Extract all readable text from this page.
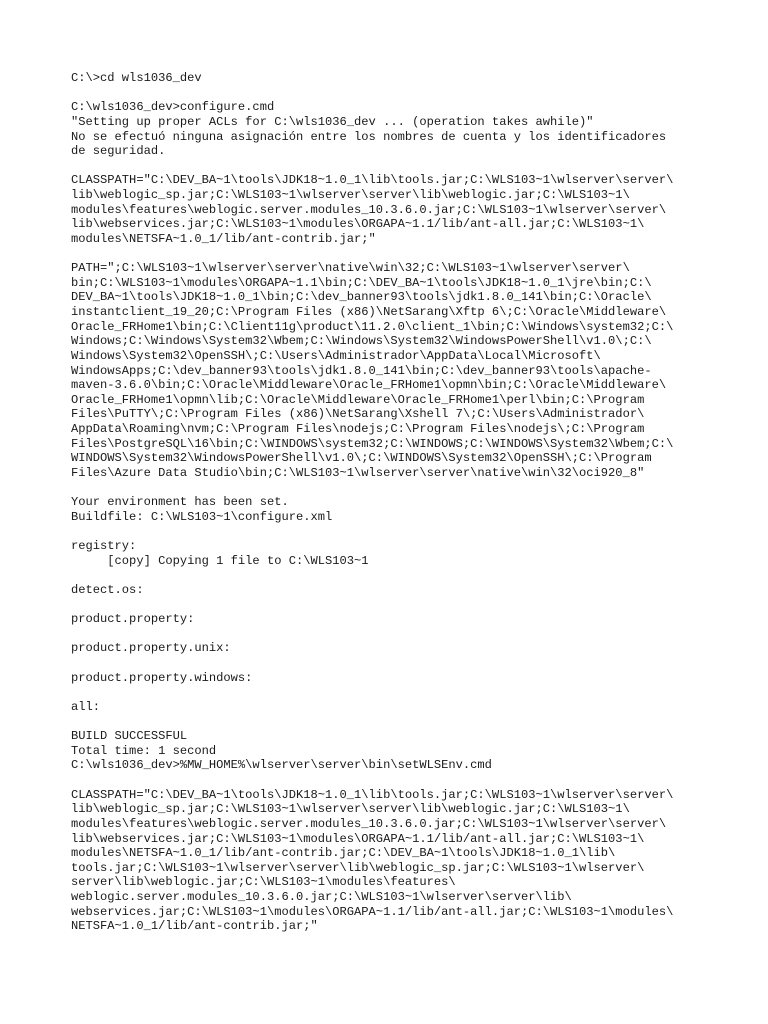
C:\>cd wls1036_dev
C:\wls1036_dev>configure.cmd
"Setting up proper ACLs for C:\wls1036_dev ... (operation takes awhile)"
No se efectuó ninguna asignación entre los nombres de cuenta y los identificadores
de seguridad.
CLASSPATH="C:\DEV_BA~1\tools\JDK18~1.0_1\lib\tools.jar;C:\WLS103~1\wlserver\server\
lib\weblogic_sp.jar;C:\WLS103~1\wlserver\server\lib\weblogic.jar;C:\WLS103~1\
modules\features\weblogic.server.modules_10.3.6.0.jar;C:\WLS103~1\wlserver\server\
lib\webservices.jar;C:\WLS103~1\modules\ORGAPA~1.1/lib/ant-all.jar;C:\WLS103~1\
modules\NETSFA~1.0_1/lib/ant-contrib.jar;"
PATH=";C:\WLS103~1\wlserver\server\native\win\32;C:\WLS103~1\wlserver\server\
bin;C:\WLS103~1\modules\ORGAPA~1.1\bin;C:\DEV_BA~1\tools\JDK18~1.0_1\jre\bin;C:\
DEV_BA~1\tools\JDK18~1.0_1\bin;C:\dev_banner93\tools\jdk1.8.0_141\bin;C:\Oracle\
instantclient_19_20;C:\Program Files (x86)\NetSarang\Xftp 6\;C:\Oracle\Middleware\
Oracle_FRHome1\bin;C:\Client11g\product\11.2.0\client_1\bin;C:\Windows\system32;C:\
Windows;C:\Windows\System32\Wbem;C:\Windows\System32\WindowsPowerShell\v1.0\;C:\
Windows\System32\OpenSSH\;C:\Users\Administrador\AppData\Local\Microsoft\
WindowsApps;C:\dev_banner93\tools\jdk1.8.0_141\bin;C:\dev_banner93\tools\apache-
maven-3.6.0\bin;C:\Oracle\Middleware\Oracle_FRHome1\opmn\bin;C:\Oracle\Middleware\
Oracle_FRHome1\opmn\lib;C:\Oracle\Middleware\Oracle_FRHome1\perl\bin;C:\Program
Files\PuTTY\;C:\Program Files (x86)\NetSarang\Xshell 7\;C:\Users\Administrador\
AppData\Roaming\nvm;C:\Program Files\nodejs;C:\Program Files\nodejs\;C:\Program
Files\PostgreSQL\16\bin;C:\WINDOWS\system32;C:\WINDOWS;C:\WINDOWS\System32\Wbem;C:\
WINDOWS\System32\WindowsPowerShell\v1.0\;C:\WINDOWS\System32\OpenSSH\;C:\Program
Files\Azure Data Studio\bin;C:\WLS103~1\wlserver\server\native\win\32\oci920_8"
Your environment has been set.
Buildfile: C:\WLS103~1\configure.xml
registry:
[copy] Copying 1 file to C:\WLS103~1
detect.os:
product.property:
product.property.unix:
product.property.windows:
all:
BUILD SUCCESSFUL
Total time: 1 second
C:\wls1036_dev>%MW_HOME%\wlserver\server\bin\setWLSEnv.cmd
CLASSPATH="C:\DEV_BA~1\tools\JDK18~1.0_1\lib\tools.jar;C:\WLS103~1\wlserver\server\
lib\weblogic_sp.jar;C:\WLS103~1\wlserver\server\lib\weblogic.jar;C:\WLS103~1\
modules\features\weblogic.server.modules_10.3.6.0.jar;C:\WLS103~1\wlserver\server\
lib\webservices.jar;C:\WLS103~1\modules\ORGAPA~1.1/lib/ant-all.jar;C:\WLS103~1\
modules\NETSFA~1.0_1/lib/ant-contrib.jar;C:\DEV_BA~1\tools\JDK18~1.0_1\lib\
tools.jar;C:\WLS103~1\wlserver\server\lib\weblogic_sp.jar;C:\WLS103~1\wlserver\
server\lib\weblogic.jar;C:\WLS103~1\modules\features\
weblogic.server.modules_10.3.6.0.jar;C:\WLS103~1\wlserver\server\lib\
webservices.jar;C:\WLS103~1\modules\ORGAPA~1.1/lib/ant-all.jar;C:\WLS103~1\modules\
NETSFA~1.0_1/lib/ant-contrib.jar;"
